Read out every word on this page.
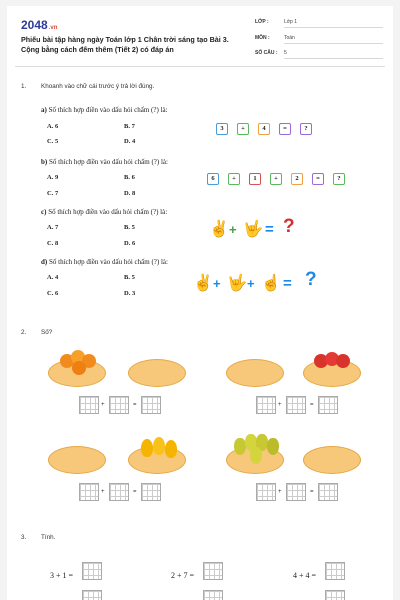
2048.vn
Phiếu bài tập hàng ngày Toán lớp 1 Chân trời sáng tạo Bài 3. Cộng bằng cách đếm thêm (Tiết 2) có đáp án
LỚP :	Lớp 1
MÔN :	Toán
SỐ CÂU : 5
1. Khoanh vào chữ cái trước ý trả lời đúng.
a) Số thích hợp điền vào dấu hỏi chấm (?) là:
A. 6	B. 7
C. 5	D. 4
3	+	4	=	?
b) Số thích hợp điền vào dấu hỏi chấm (?) là:
A. 9	B. 6
C. 7	D. 8
6	+	1	+	2	=	?
c) Số thích hợp điền vào dấu hỏi chấm (?) là:
A. 7	B. 5
C. 8	D. 6
✌ + 🤟 = ?
d) Số thích hợp điền vào dấu hỏi chấm (?) là:
A. 4	B. 5
C. 6	D. 3
✌ + 🤟 + ☝ = ?
2. Số?
+	=	+	=
+	=	+	=
3. Tính.
3 + 1 =	2 + 7 =	4 + 4 =
